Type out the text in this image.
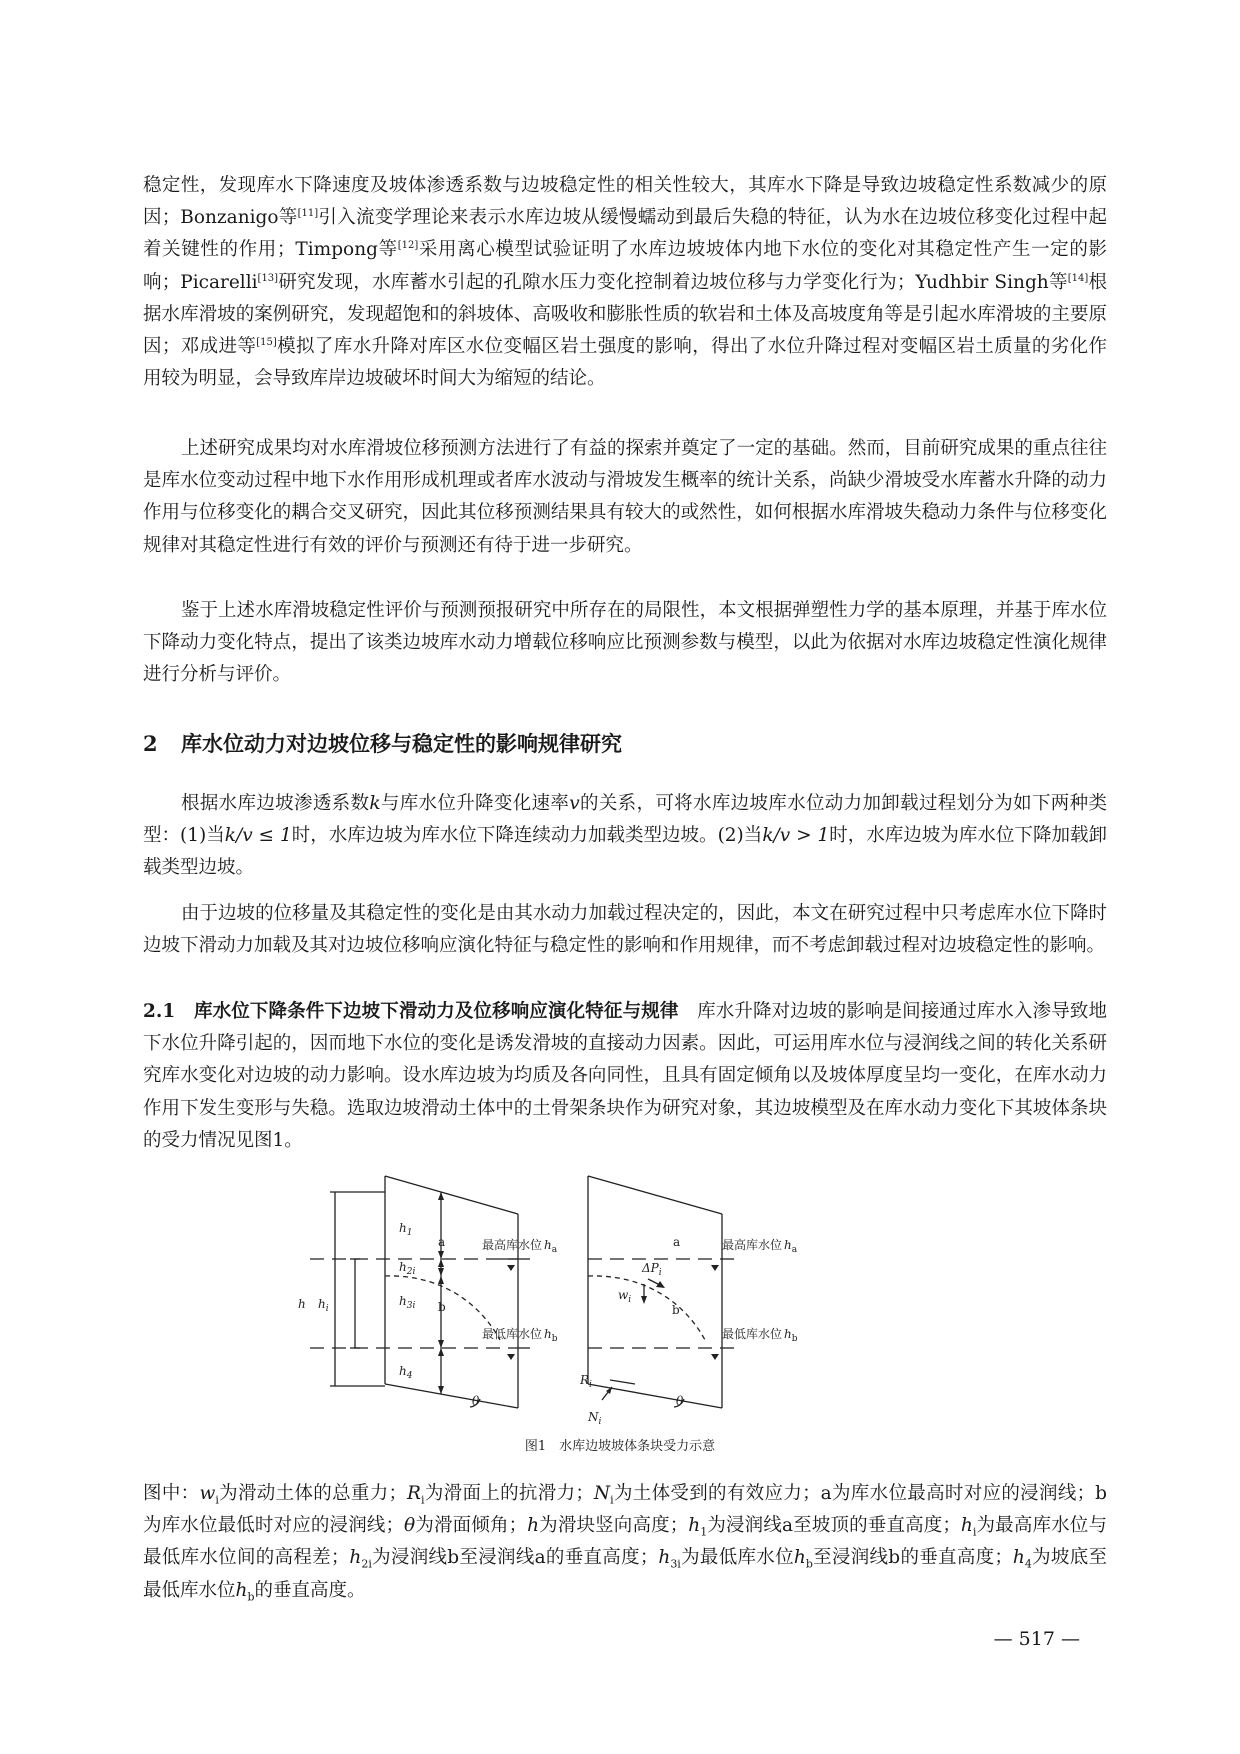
稳定性，发现库水下降速度及坡体渗透系数与边坡稳定性的相关性较大，其库水下降是导致边坡稳定性系数减少的原因；Bonzanigo等[11]引入流变学理论来表示水库边坡从缓慢蠕动到最后失稳的特征，认为水在边坡位移变化过程中起着关键性的作用；Timpong等[12]采用离心模型试验证明了水库边坡坡体内地下水位的变化对其稳定性产生一定的影响；Picarelli[13]研究发现，水库蓄水引起的孔隙水压力变化控制着边坡位移与力学变化行为；Yudhbir Singh等[14]根据水库滑坡的案例研究，发现超饱和的斜坡体、高吸收和膨胀性质的软岩和土体及高坡度角等是引起水库滑坡的主要原因；邓成进等[15]模拟了库水升降对库区水位变幅区岩土强度的影响，得出了水位升降过程对变幅区岩土质量的劣化作用较为明显，会导致库岸边坡破坏时间大为缩短的结论。

上述研究成果均对水库滑坡位移预测方法进行了有益的探索并奠定了一定的基础。然而，目前研究成果的重点往往是库水位变动过程中地下水作用形成机理或者库水波动与滑坡发生概率的统计关系，尚缺少滑坡受水库蓄水升降的动力作用与位移变化的耦合交叉研究，因此其位移预测结果具有较大的或然性，如何根据水库滑坡失稳动力条件与位移变化规律对其稳定性进行有效的评价与预测还有待于进一步研究。

鉴于上述水库滑坡稳定性评价与预测预报研究中所存在的局限性，本文根据弹塑性力学的基本原理，并基于库水位下降动力变化特点，提出了该类边坡库水动力增载位移响应比预测参数与模型，以此为依据对水库边坡稳定性演化规律进行分析与评价。

2 库水位动力对边坡位移与稳定性的影响规律研究

根据水库边坡渗透系数k与库水位升降变化速率v的关系，可将水库边坡库水位动力加卸载过程划分为如下两种类型：(1)当k/v ≤ 1时，水库边坡为库水位下降连续动力加载类型边坡。(2)当k/v > 1时，水库边坡为库水位下降加载卸载类型边坡。

由于边坡的位移量及其稳定性的变化是由其水动力加载过程决定的，因此，本文在研究过程中只考虑库水位下降时边坡下滑动力加载及其对边坡位移响应演化特征与稳定性的影响和作用规律，而不考虑卸载过程对边坡稳定性的影响。

2.1　库水位下降条件下边坡下滑动力及位移响应演化特征与规律　 库水升降对边坡的影响是间接通过库水入渗导致地下水位升降引起的，因而地下水位的变化是诱发滑坡的直接动力因素。因此，可运用库水位与浸润线之间的转化关系研究库水变化对边坡的动力影响。设水库边坡为均质及各向同性，且具有固定倾角以及坡体厚度呈均一变化，在库水动力作用下发生变形与失稳。选取边坡滑动土体中的土骨架条块作为研究对象，其边坡模型及在库水动力变化下其坡体条块的受力情况见图1。

h $h_i$
$h_1$
$h_{2i}$
$h_{3i}$
$h_4$
a
b
θ
最高库水位 $h_a$
最低库水位 $h_b$
a
b
$\Delta P_i$
$w_i$
$R_i$
$N_i$
θ
最高库水位 $h_a$
最低库水位 $h_b$
图1　水库边坡坡体条块受力示意

图中：$w_i$为滑动土体的总重力；$R_i$为滑面上的抗滑力；$N_i$为土体受到的有效应力；a为库水位最高时对应的浸润线；b为库水位最低时对应的浸润线；θ为滑面倾角；h为滑块竖向高度；$h_1$为浸润线a至坡顶的垂直高度；$h_i$为最高库水位与最低库水位间的高程差；$h_{2i}$为浸润线b至浸润线a的垂直高度；$h_{3i}$为最低库水位$h_b$至浸润线b的垂直高度；$h_4$为坡底至最低库水位$h_b$的垂直高度。

— 517 —
